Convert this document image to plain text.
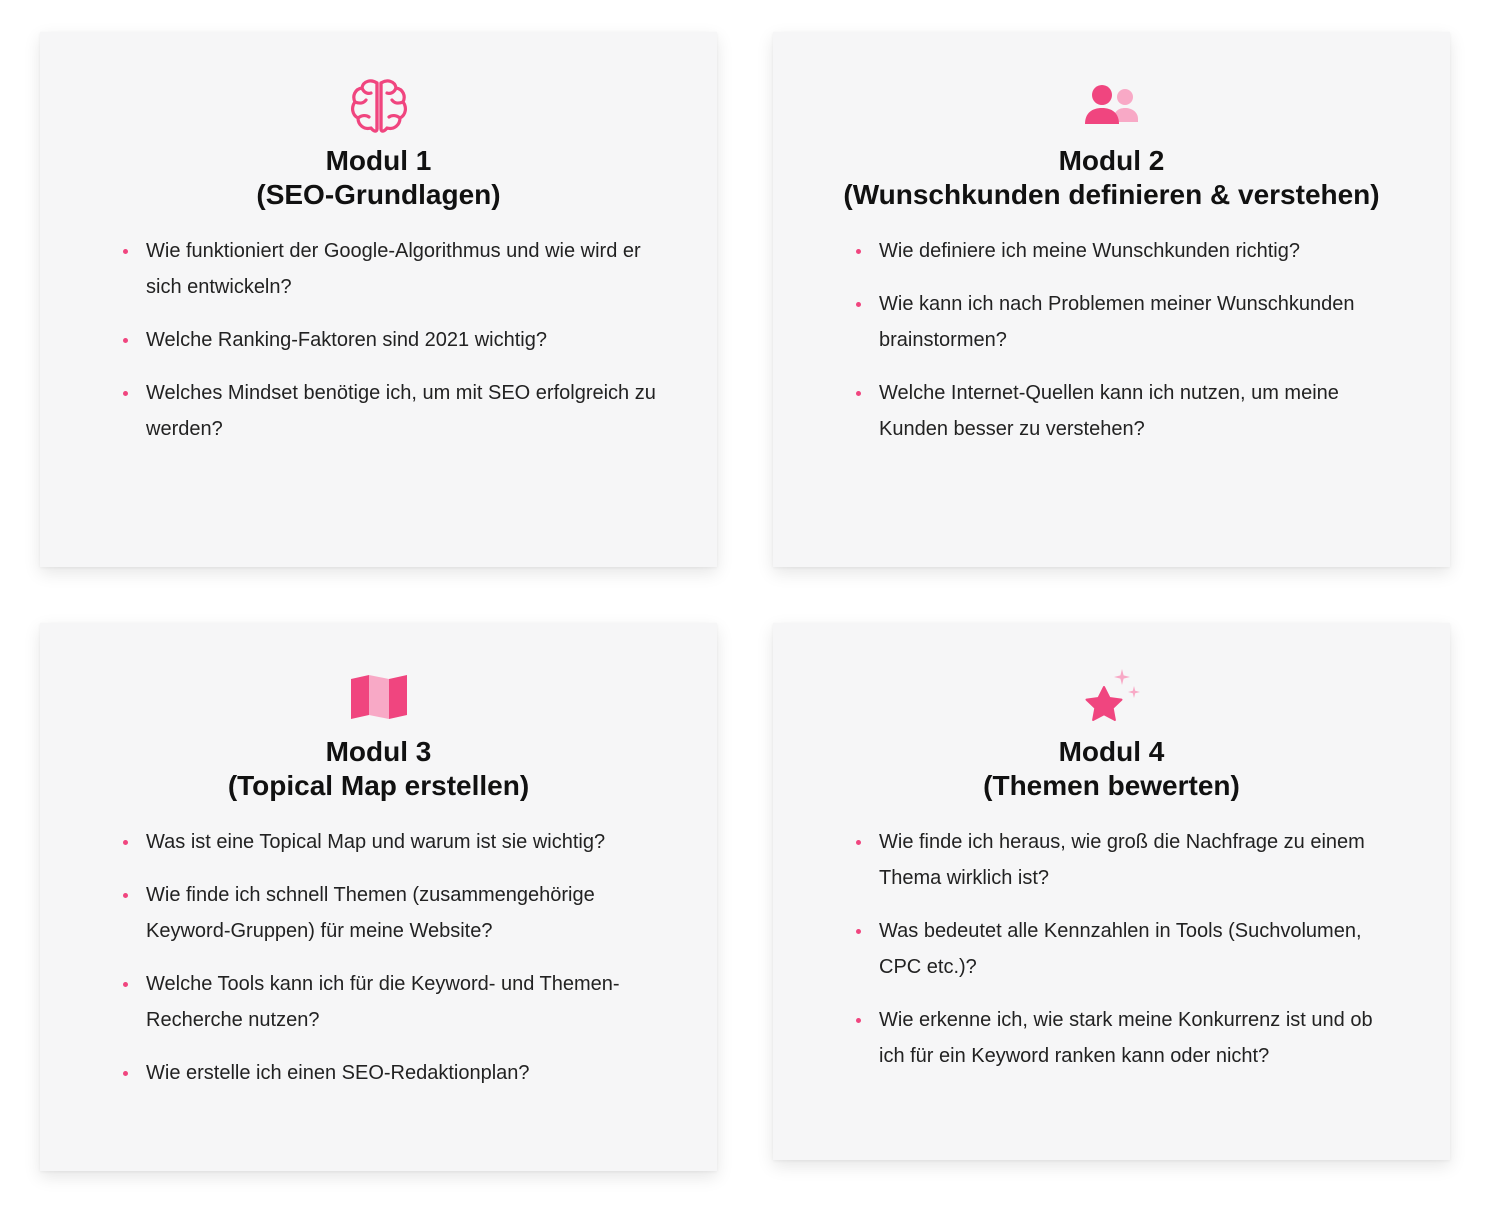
Modul 1
(SEO-Grundlagen)
Wie funktioniert der Google-Algorithmus und wie wird er sich entwickeln?
Welche Ranking-Faktoren sind 2021 wichtig?
Welches Mindset benötige ich, um mit SEO erfolgreich zu werden?
Modul 2
(Wunschkunden definieren & verstehen)
Wie definiere ich meine Wunschkunden richtig?
Wie kann ich nach Problemen meiner Wunschkunden brainstormen?
Welche Internet-Quellen kann ich nutzen, um meine Kunden besser zu verstehen?
Modul 3
(Topical Map erstellen)
Was ist eine Topical Map und warum ist sie wichtig?
Wie finde ich schnell Themen (zusammengehörige Keyword-Gruppen) für meine Website?
Welche Tools kann ich für die Keyword- und Themen-Recherche nutzen?
Wie erstelle ich einen SEO-Redaktionplan?
Modul 4
(Themen bewerten)
Wie finde ich heraus, wie groß die Nachfrage zu einem Thema wirklich ist?
Was bedeutet alle Kennzahlen in Tools (Suchvolumen, CPC etc.)?
Wie erkenne ich, wie stark meine Konkurrenz ist und ob ich für ein Keyword ranken kann oder nicht?
